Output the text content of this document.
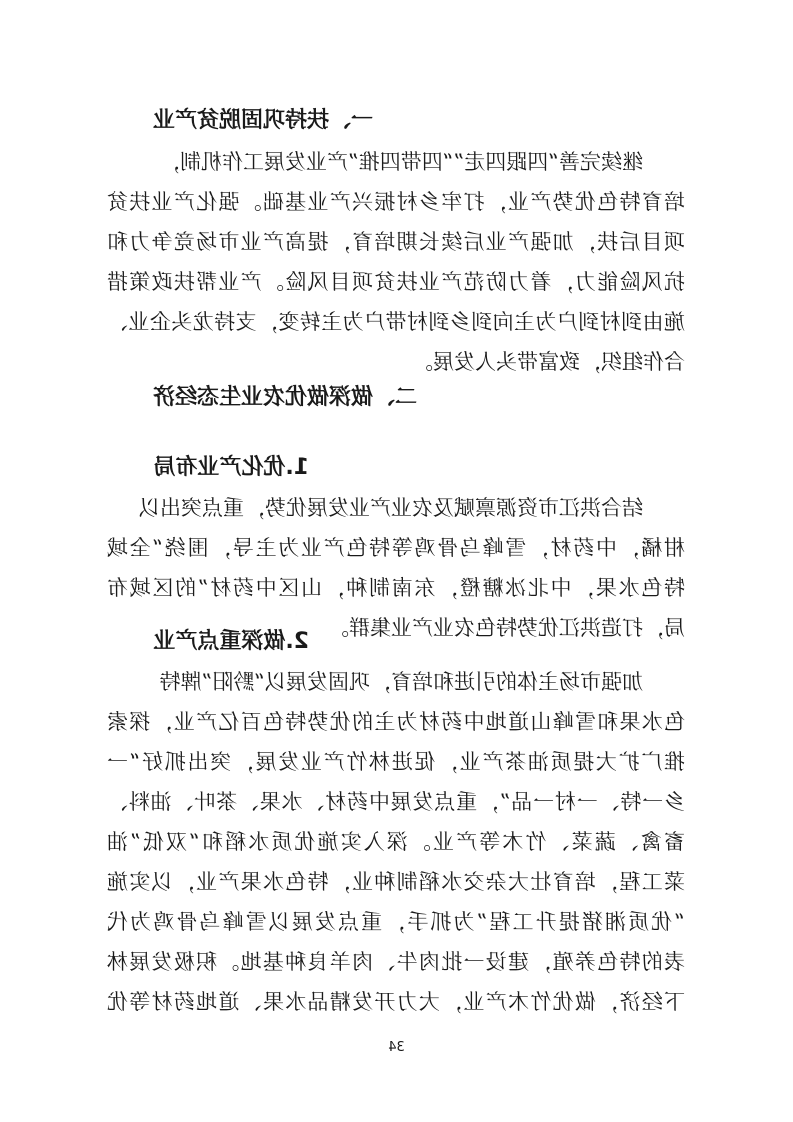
一、扶持巩固脱贫产业
继续完善“四跟四走”“四带四推”产业发展工作机制，
培育特色优势产业，打牢乡村振兴产业基础。强化产业扶贫
项目后扶，加强产业后续长期培育，提高产业市场竞争力和
抗风险能力，着力防范产业扶贫项目风险。产业帮扶政策措
施由到村到户为主向到乡到村带户为主转变，支持龙头企业、
合作组织，致富带头人发展。
二、做深做优农业生态经济
1.优化产业布局
结合洪江市资源禀赋及农业产业发展优势，重点突出以
柑橘，中药材，雪峰乌骨鸡等特色产业为主导，围绕“全域
特色水果，中北冰糖橙，东南制种，山区中药材”的区域布
局，打造洪江优势特色农业产业集群。
2.做深重点产业
加强市场主体的引进和培育，巩固发展以“黔阳”牌特
色水果和雪峰山道地中药材为主的优势特色百亿产业，探索
推广扩大提质油茶产业，促进林竹产业发展，突出抓好“一
乡一特、一村一品”，重点发展中药材、水果、茶叶、油料、
畜禽、蔬菜、竹木等产业。深入实施优质水稻和“双低”油
菜工程，培育壮大杂交水稻制种业，特色水果产业，以实施
“优质湘猪提升工程”为抓手，重点发展以雪峰乌骨鸡为代
表的特色养殖，建设一批肉牛、肉羊良种基地。积极发展林
下经济，做优竹木产业，大力开发精品水果、道地药材等优
34
